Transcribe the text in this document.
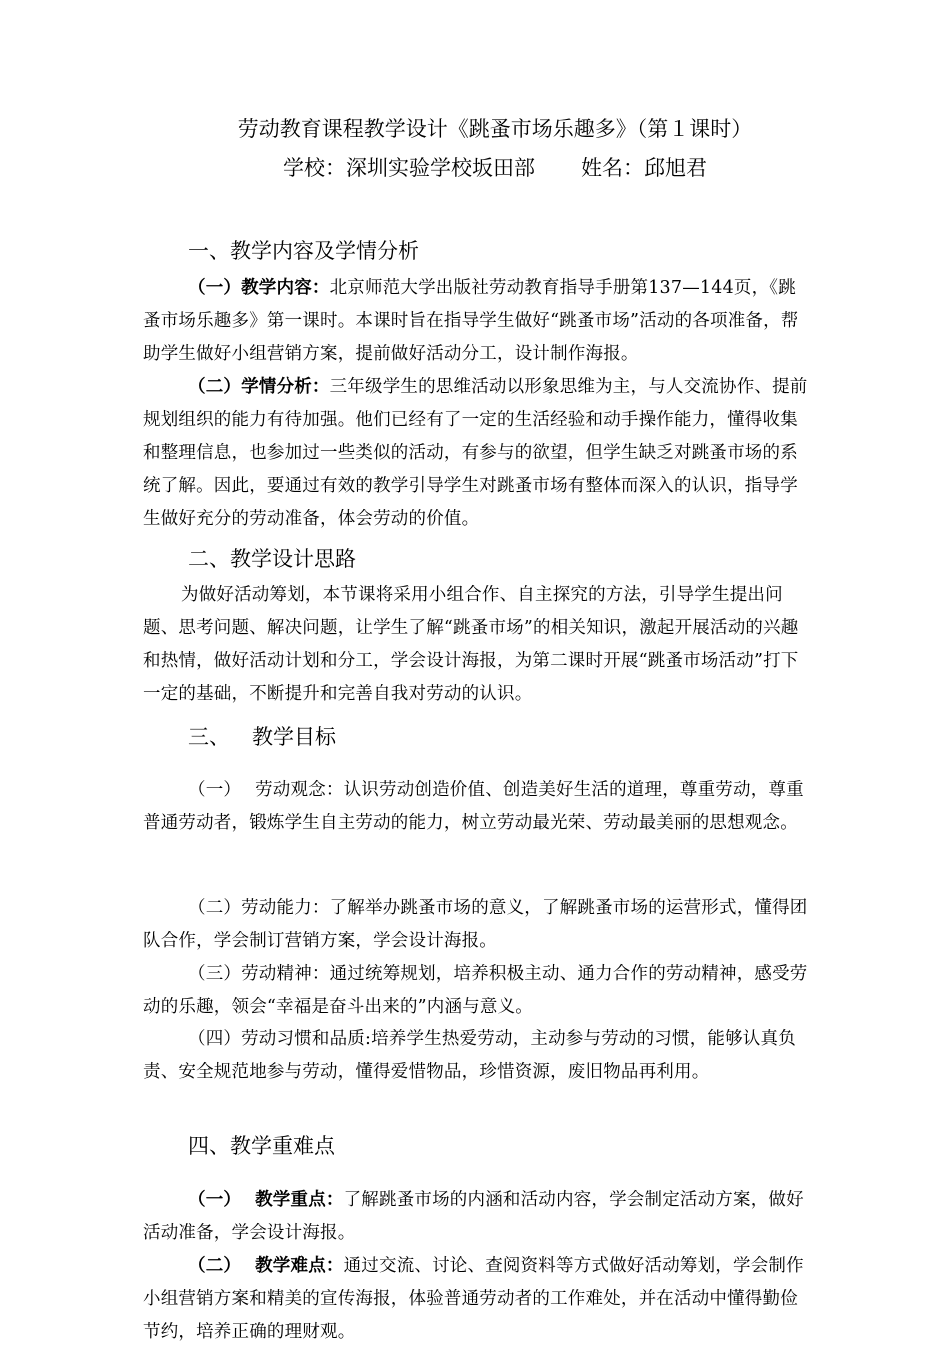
劳动教育课程教学设计《跳蚤市场乐趣多》（第１课时）
学校：深圳实验学校坂田部 姓名：邱旭君
一、教学内容及学情分析

（一）教学内容：北京师范大学出版社劳动教育指导手册第137—144页，《跳蚤市场乐趣多》第一课时。本课时旨在指导学生做好“跳蚤市场”活动的各项准备，帮助学生做好小组营销方案，提前做好活动分工，设计制作海报。

（二）学情分析：三年级学生的思维活动以形象思维为主，与人交流协作、提前规划组织的能力有待加强。他们已经有了一定的生活经验和动手操作能力，懂得收集和整理信息，也参加过一些类似的活动，有参与的欲望，但学生缺乏对跳蚤市场的系统了解。因此，要通过有效的教学引导学生对跳蚤市场有整体而深入的认识，指导学生做好充分的劳动准备，体会劳动的价值。

二、教学设计思路

为做好活动筹划，本节课将采用小组合作、自主探究的方法，引导学生提出问题、思考问题、解决问题，让学生了解“跳蚤市场”的相关知识，激起开展活动的兴趣和热情，做好活动计划和分工，学会设计海报，为第二课时开展“跳蚤市场活动”打下一定的基础，不断提升和完善自我对劳动的认识。

三、 教学目标

（一） 劳动观念：认识劳动创造价值、创造美好生活的道理，尊重劳动，尊重普通劳动者，锻炼学生自主劳动的能力，树立劳动最光荣、劳动最美丽的思想观念。

（二）劳动能力：了解举办跳蚤市场的意义，了解跳蚤市场的运营形式，懂得团队合作，学会制订营销方案，学会设计海报。

（三）劳动精神：通过统筹规划，培养积极主动、通力合作的劳动精神，感受劳动的乐趣，领会“幸福是奋斗出来的”内涵与意义。

（四）劳动习惯和品质:培养学生热爱劳动，主动参与劳动的习惯，能够认真负责、安全规范地参与劳动，懂得爱惜物品，珍惜资源，废旧物品再利用。

四、教学重难点

（一） 教学重点：了解跳蚤市场的内涵和活动内容，学会制定活动方案，做好活动准备，学会设计海报。

（二） 教学难点：通过交流、讨论、查阅资料等方式做好活动筹划，学会制作小组营销方案和精美的宣传海报，体验普通劳动者的工作难处，并在活动中懂得勤俭节约，培养正确的理财观。
